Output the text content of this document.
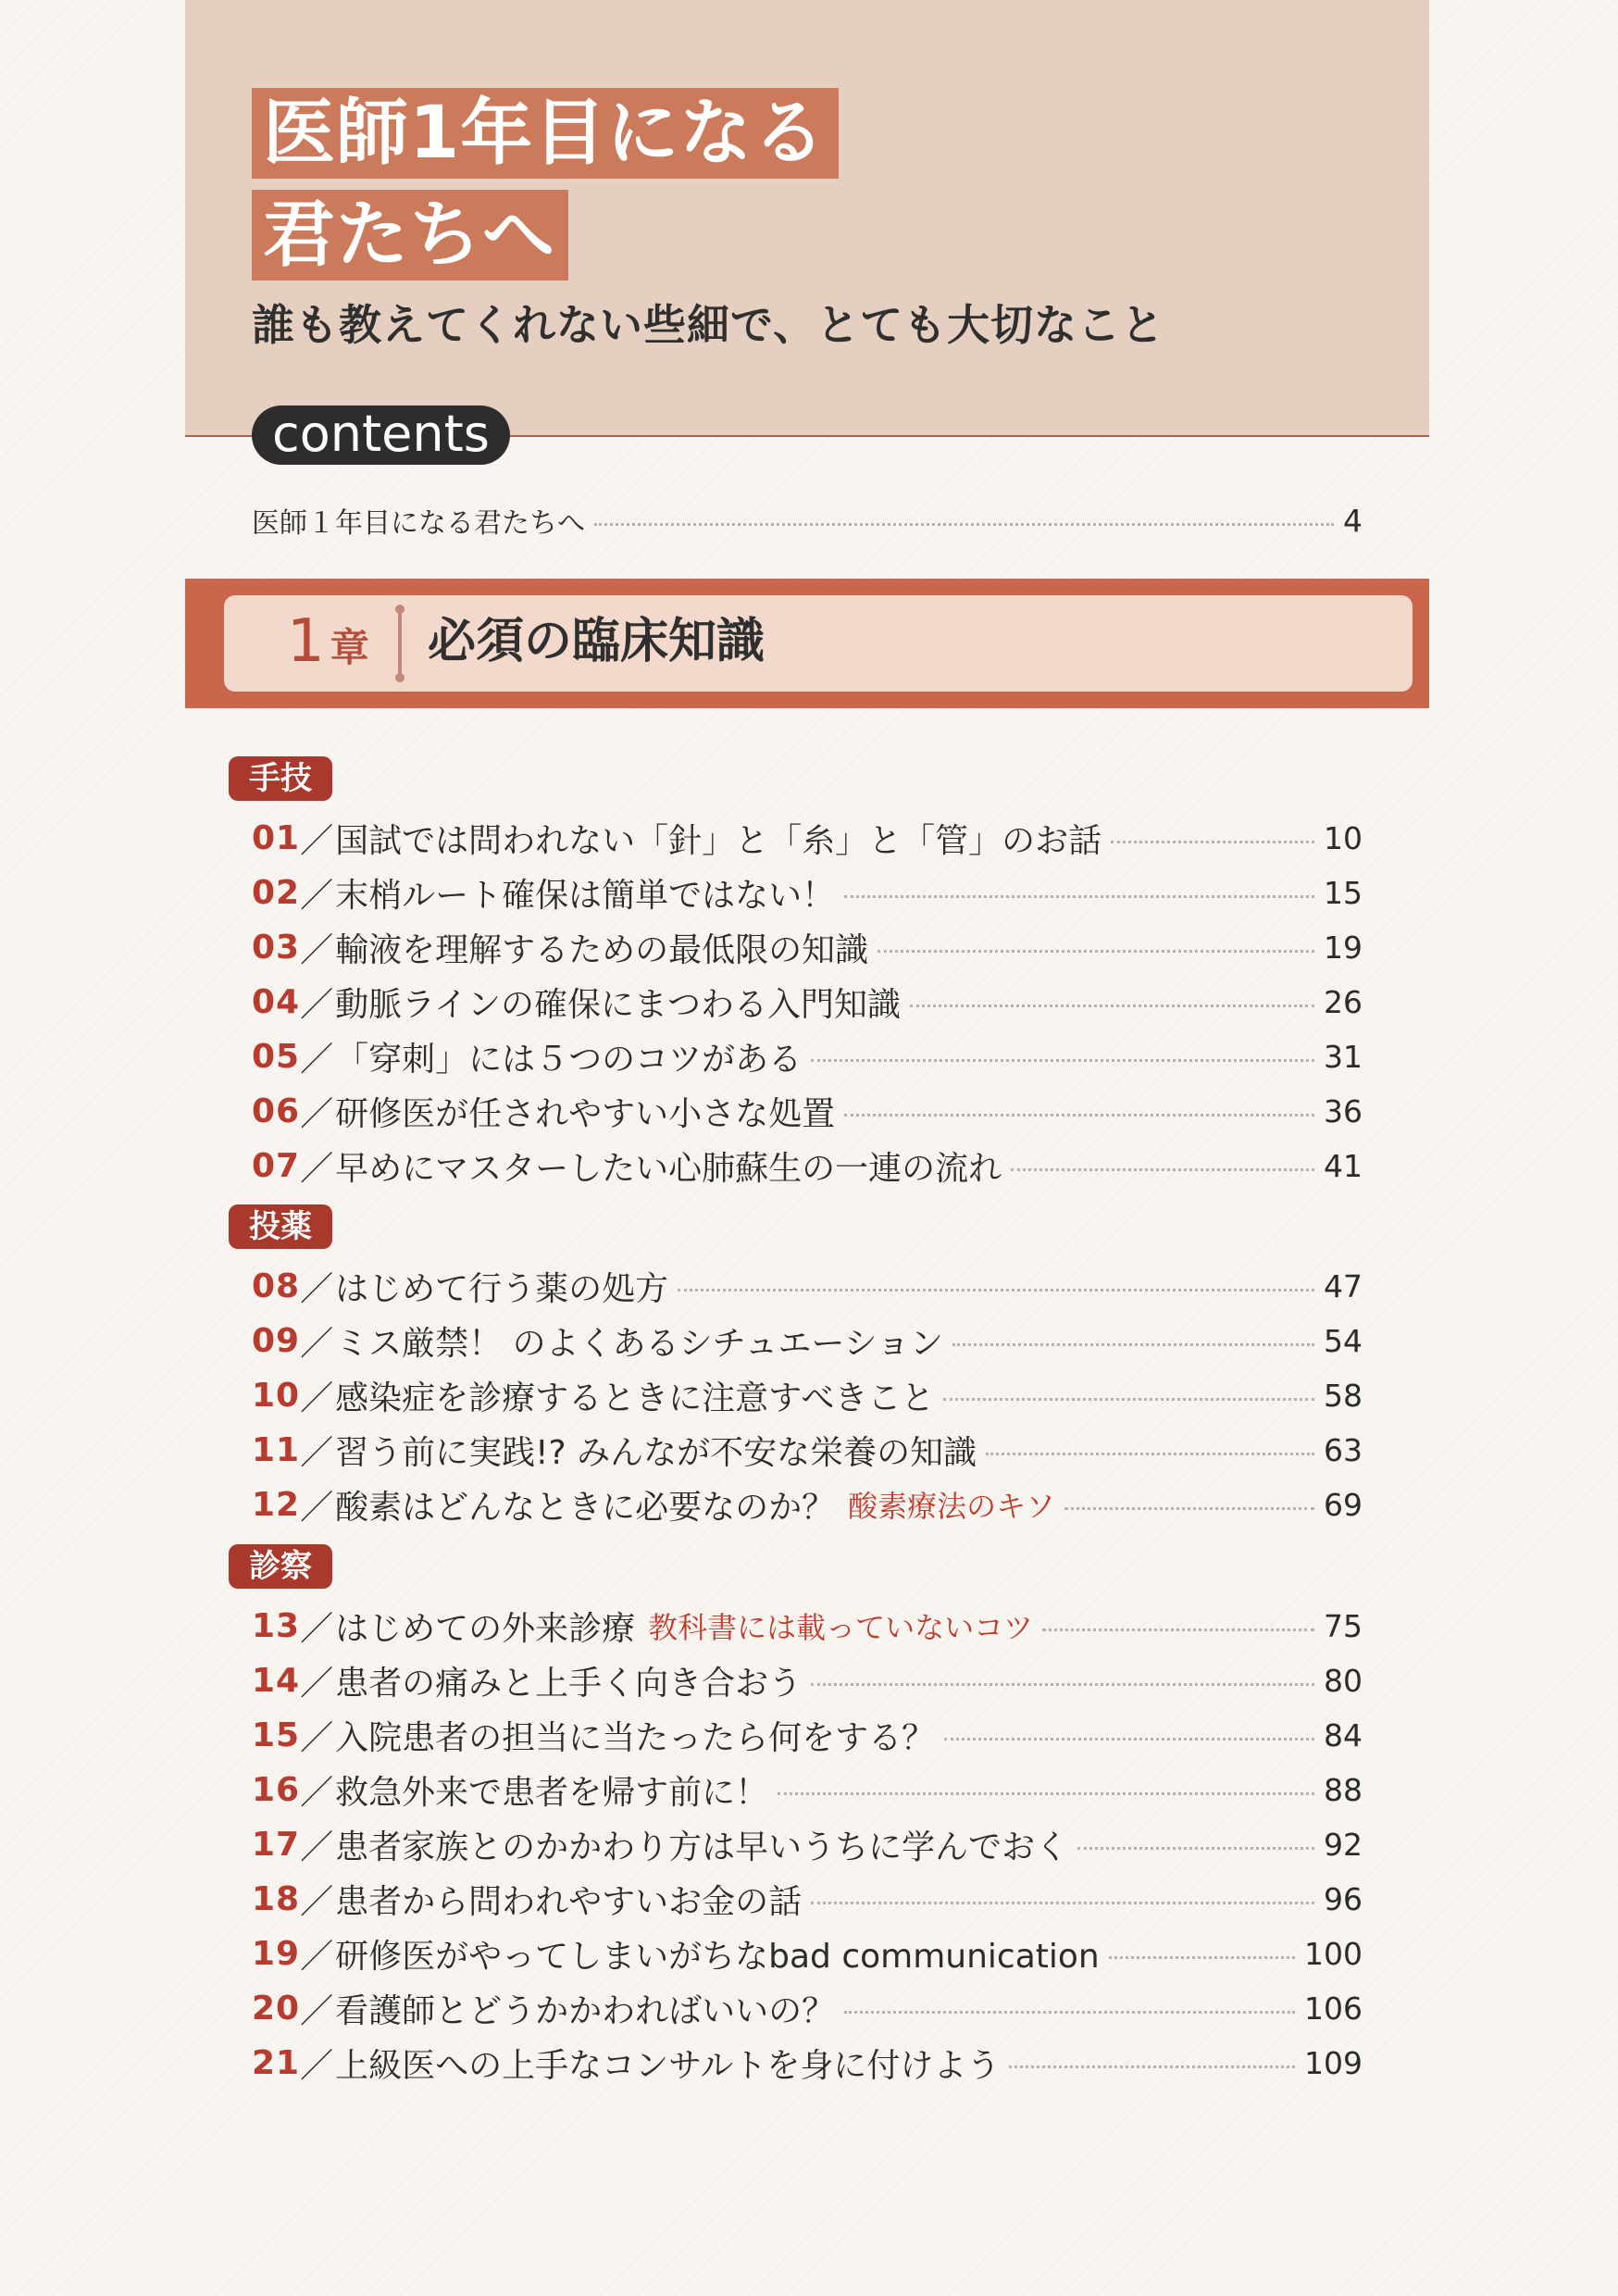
医師1年目になる
君たちへ
誰も教えてくれない些細で、とても大切なこと
contents
医師１年目になる君たちへ	4
1 章 必須の臨床知識
手技
01 ／ 国試では問われない「針」と「糸」と「管」のお話	10
02 ／ 末梢ルート確保は簡単ではない！	15
03 ／ 輸液を理解するための最低限の知識	19
04 ／ 動脈ラインの確保にまつわる入門知識	26
05 ／ 「穿刺」には５つのコツがある	31
06 ／ 研修医が任されやすい小さな処置	36
07 ／ 早めにマスターしたい心肺蘇生の一連の流れ	41
投薬
08 ／ はじめて行う薬の処方	47
09 ／ ミス厳禁！ のよくあるシチュエーション	54
10 ／ 感染症を診療するときに注意すべきこと	58
11 ／ 習う前に実践!? みんなが不安な栄養の知識	63
12 ／ 酸素はどんなときに必要なのか？ 酸素療法のキソ	69
診察
13 ／ はじめての外来診療 教科書には載っていないコツ	75
14 ／ 患者の痛みと上手く向き合おう	80
15 ／ 入院患者の担当に当たったら何をする？	84
16 ／ 救急外来で患者を帰す前に！	88
17 ／ 患者家族とのかかわり方は早いうちに学んでおく	92
18 ／ 患者から問われやすいお金の話	96
19 ／ 研修医がやってしまいがちなbad communication	100
20 ／ 看護師とどうかかわればいいの？	106
21 ／ 上級医への上手なコンサルトを身に付けよう	109
